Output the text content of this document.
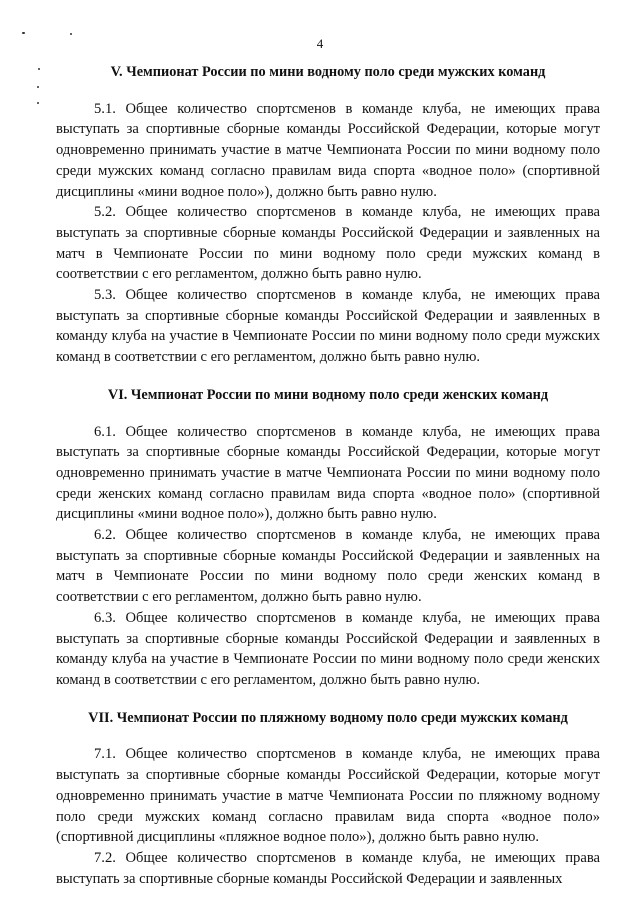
4
V. Чемпионат России по мини водному поло среди мужских команд

5.1. Общее количество спортсменов в команде клуба, не имеющих права выступать за спортивные сборные команды Российской Федерации, которые могут одновременно принимать участие в матче Чемпионата России по мини водному поло среди мужских команд согласно правилам вида спорта «водное поло» (спортивной дисциплины «мини водное поло»), должно быть равно нулю.

5.2. Общее количество спортсменов в команде клуба, не имеющих права выступать за спортивные сборные команды Российской Федерации и заявленных на матч в Чемпионате России по мини водному поло среди мужских команд в соответствии с его регламентом, должно быть равно нулю.

5.3. Общее количество спортсменов в команде клуба, не имеющих права выступать за спортивные сборные команды Российской Федерации и заявленных в команду клуба на участие в Чемпионате России по мини водному поло среди мужских команд в соответствии с его регламентом, должно быть равно нулю.

VI. Чемпионат России по мини водному поло среди женских команд

6.1. Общее количество спортсменов в команде клуба, не имеющих права выступать за спортивные сборные команды Российской Федерации, которые могут одновременно принимать участие в матче Чемпионата России по мини водному поло среди женских команд согласно правилам вида спорта «водное поло» (спортивной дисциплины «мини водное поло»), должно быть равно нулю.

6.2. Общее количество спортсменов в команде клуба, не имеющих права выступать за спортивные сборные команды Российской Федерации и заявленных на матч в Чемпионате России по мини водному поло среди женских команд в соответствии с его регламентом, должно быть равно нулю.

6.3. Общее количество спортсменов в команде клуба, не имеющих права выступать за спортивные сборные команды Российской Федерации и заявленных в команду клуба на участие в Чемпионате России по мини водному поло среди женских команд в соответствии с его регламентом, должно быть равно нулю.

VII. Чемпионат России по пляжному водному поло среди мужских команд

7.1. Общее количество спортсменов в команде клуба, не имеющих права выступать за спортивные сборные команды Российской Федерации, которые могут одновременно принимать участие в матче Чемпионата России по пляжному водному поло среди мужских команд согласно правилам вида спорта «водное поло» (спортивной дисциплины «пляжное водное поло»), должно быть равно нулю.

7.2. Общее количество спортсменов в команде клуба, не имеющих права выступать за спортивные сборные команды Российской Федерации и заявленных
